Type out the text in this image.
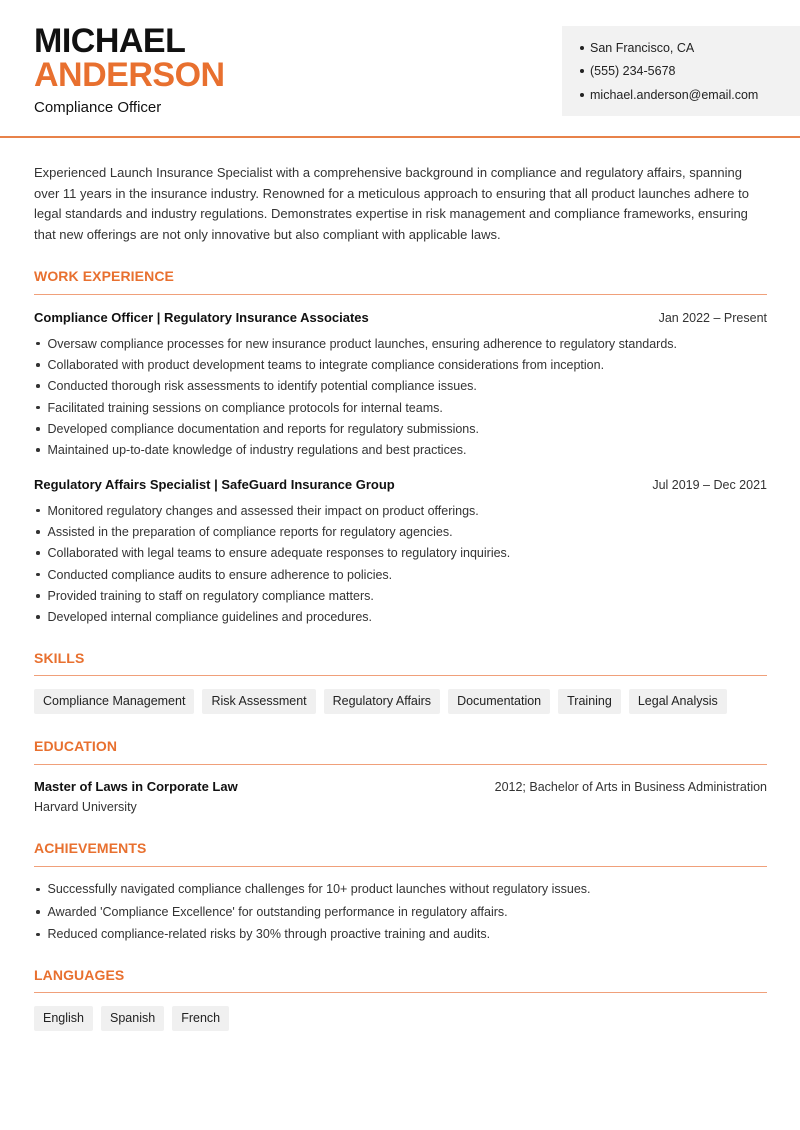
MICHAEL
ANDERSON
Compliance Officer
San Francisco, CA
(555) 234-5678
michael.anderson@email.com

Experienced Launch Insurance Specialist with a comprehensive background in compliance and regulatory affairs, spanning over 11 years in the insurance industry. Renowned for a meticulous approach to ensuring that all product launches adhere to legal standards and industry regulations. Demonstrates expertise in risk management and compliance frameworks, ensuring that new offerings are not only innovative but also compliant with applicable laws.

WORK EXPERIENCE
Compliance Officer | Regulatory Insurance Associates	Jan 2022 – Present
Oversaw compliance processes for new insurance product launches, ensuring adherence to regulatory standards.
Collaborated with product development teams to integrate compliance considerations from inception.
Conducted thorough risk assessments to identify potential compliance issues.
Facilitated training sessions on compliance protocols for internal teams.
Developed compliance documentation and reports for regulatory submissions.
Maintained up-to-date knowledge of industry regulations and best practices.
Regulatory Affairs Specialist | SafeGuard Insurance Group	Jul 2019 – Dec 2021
Monitored regulatory changes and assessed their impact on product offerings.
Assisted in the preparation of compliance reports for regulatory agencies.
Collaborated with legal teams to ensure adequate responses to regulatory inquiries.
Conducted compliance audits to ensure adherence to policies.
Provided training to staff on regulatory compliance matters.
Developed internal compliance guidelines and procedures.
SKILLS
Compliance Management	Risk Assessment	Regulatory Affairs	Documentation	Training	Legal Analysis
EDUCATION
Master of Laws in Corporate Law	2012; Bachelor of Arts in Business Administration
Harvard University
ACHIEVEMENTS
Successfully navigated compliance challenges for 10+ product launches without regulatory issues.
Awarded 'Compliance Excellence' for outstanding performance in regulatory affairs.
Reduced compliance-related risks by 30% through proactive training and audits.
LANGUAGES
English	Spanish	French
